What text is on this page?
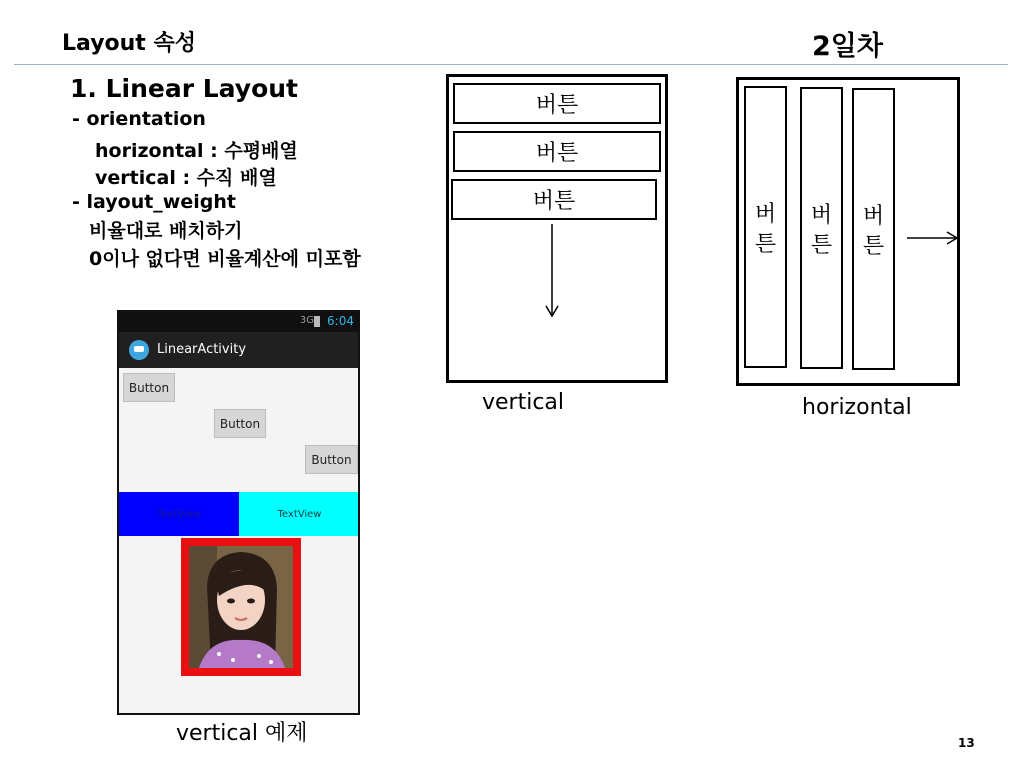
Layout 속성	2일차
1. Linear Layout
- orientation
horizontal : 수평배열
vertical : 수직 배열
- layout_weight
비율대로 배치하기
0이나 없다면 비율계산에 미포함
버튼
버튼
버튼
vertical
버
튼
버
튼
버
튼
horizontal
3G 6:04
LinearActivity
Button
Button
Button
TextView	TextView
vertical 예제	13
